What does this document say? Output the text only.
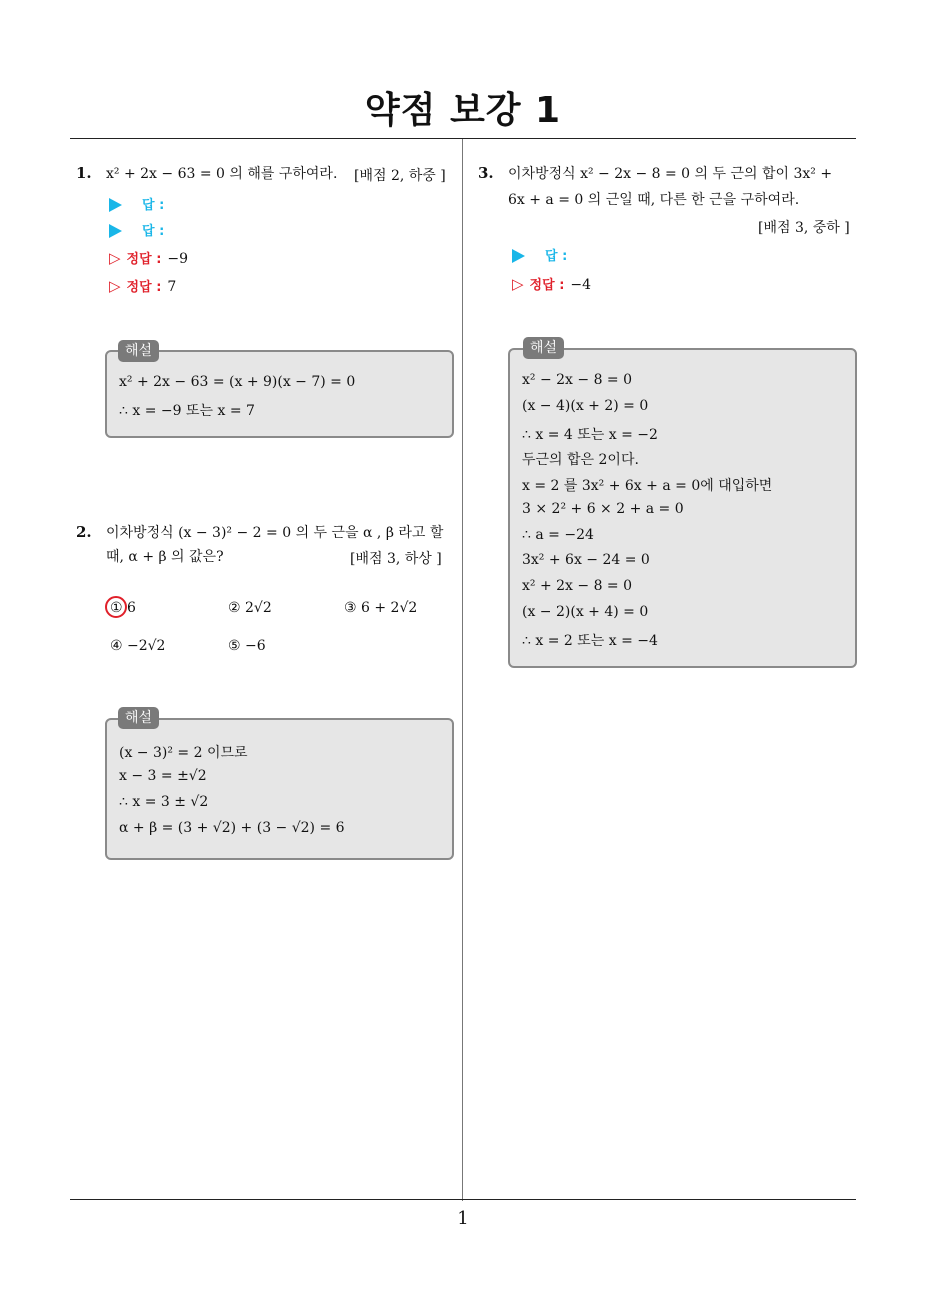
약점 보강 1
1. x² + 2x − 63 = 0 의 해를 구하여라. [배점 2, 하중 ]
답 :
답 :
▷ 정답 : −9
▷ 정답 : 7
x² + 2x − 63 = (x + 9)(x − 7) = 0
∴ x = −9 또는 x = 7
해설
2. 이차방정식 (x − 3)² − 2 = 0 의 두 근을 α , β 라고 할
때, α + β 의 값은?	[배점 3, 하상 ]
① 6	② 2√2	③ 6 + 2√2
④ −2√2	⑤ −6
(x − 3)² = 2 이므로
x − 3 = ±√2
∴ x = 3 ± √2
α + β = (3 + √2) + (3 − √2) = 6
해설
3. 이차방정식 x² − 2x − 8 = 0 의 두 근의 합이 3x² +
6x + a = 0 의 근일 때, 다른 한 근을 구하여라.
[배점 3, 중하 ]
답 :
▷ 정답 : −4
x² − 2x − 8 = 0
(x − 4)(x + 2) = 0
∴ x = 4 또는 x = −2
두근의 합은 2이다.
x = 2 를 3x² + 6x + a = 0에 대입하면
3 × 2² + 6 × 2 + a = 0
∴ a = −24
3x² + 6x − 24 = 0
x² + 2x − 8 = 0
(x − 2)(x + 4) = 0
∴ x = 2 또는 x = −4
해설
1
